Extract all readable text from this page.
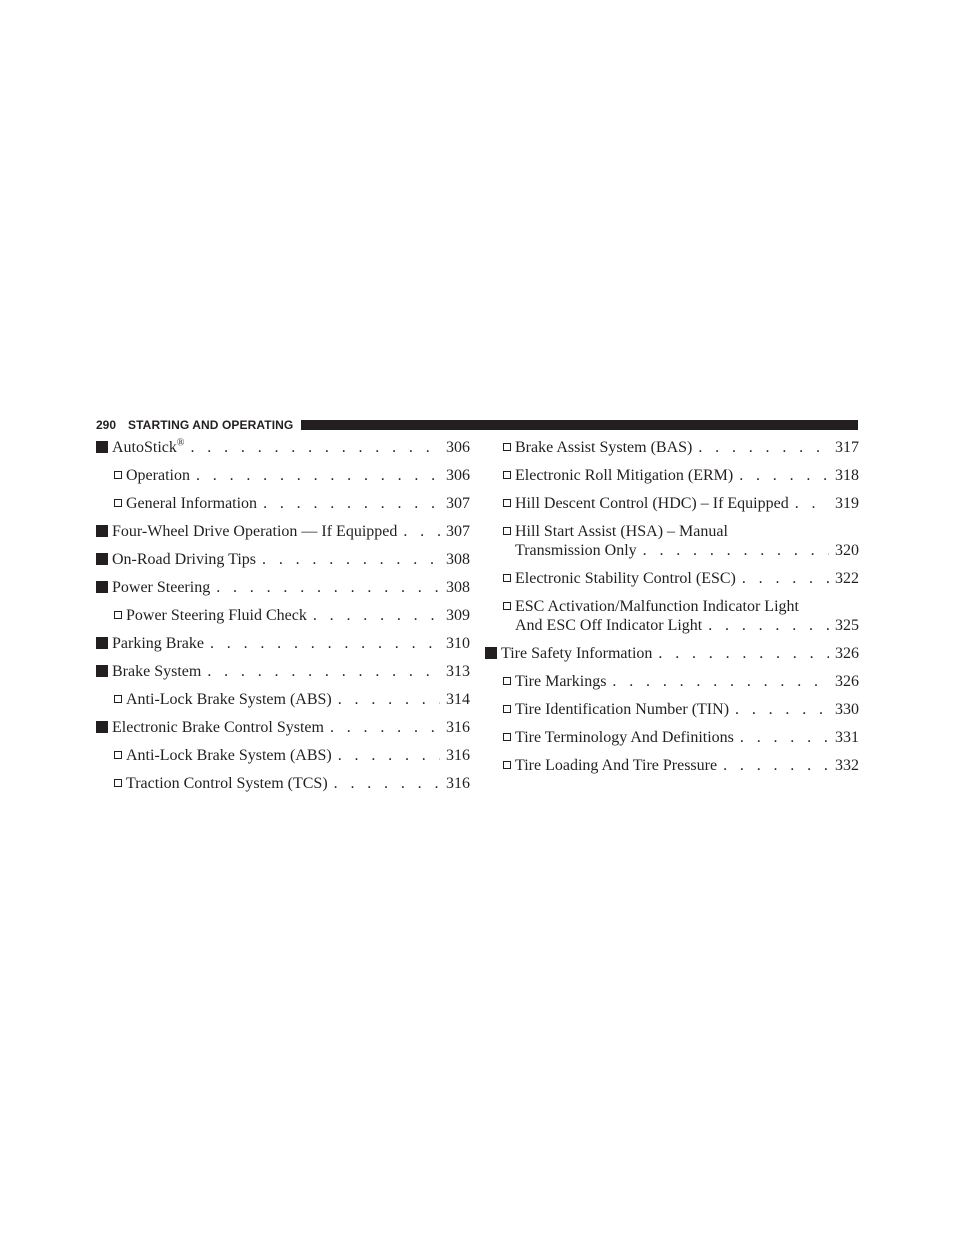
290 STARTING AND OPERATING
AutoStick® . . .	306
Operation . . .	306
General Information . . .	307
Four-Wheel Drive Operation — If Equipped . . .	307
On-Road Driving Tips . . .	308
Power Steering . . .	308
Power Steering Fluid Check . . .	309
Parking Brake . . .	310
Brake System . . .	313
Anti-Lock Brake System (ABS) . . .	314
Electronic Brake Control System . . .	316
Anti-Lock Brake System (ABS) . . .	316
Traction Control System (TCS) . . .	316
Brake Assist System (BAS) . . .	317
Electronic Roll Mitigation (ERM) . . .	318
Hill Descent Control (HDC) – If Equipped . . .	319
Hill Start Assist (HSA) – Manual
Transmission Only . . .	320
Electronic Stability Control (ESC) . . .	322
ESC Activation/Malfunction Indicator Light
And ESC Off Indicator Light . . .	325
Tire Safety Information . . .	326
Tire Markings . . .	326
Tire Identification Number (TIN) . . .	330
Tire Terminology And Definitions . . .	331
Tire Loading And Tire Pressure . . .	332
